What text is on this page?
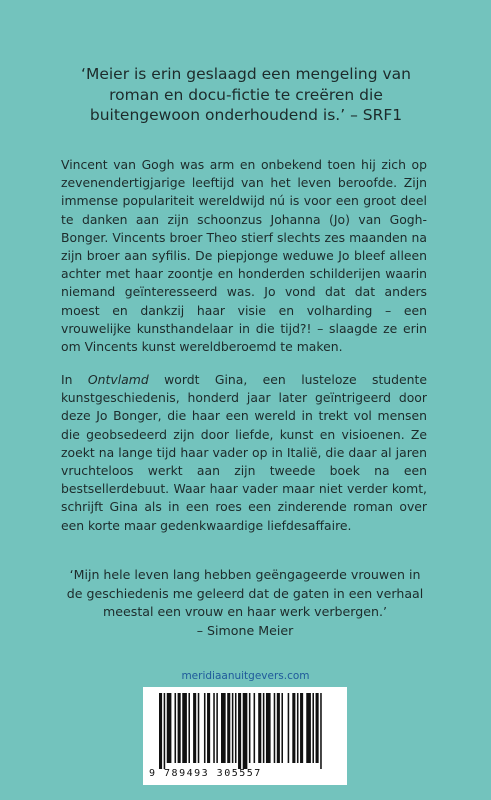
‘Meier is erin geslaagd een mengeling van roman en docu-fictie te creëren die buitengewoon onderhoudend is.’ – SRF1

Vincent van Gogh was arm en onbekend toen hij zich op zevenendertigjarige leeftijd van het leven beroofde. Zijn immense populariteit wereldwijd nú is voor een groot deel te danken aan zijn schoonzus Johanna (Jo) van Gogh-Bonger. Vincents broer Theo stierf slechts zes maanden na zijn broer aan syfilis. De piepjonge weduwe Jo bleef alleen achter met haar zoontje en honderden schilderijen waarin niemand geïnteresseerd was. Jo vond dat dat anders moest en dankzij haar visie en volharding – een vrouwelijke kunsthandelaar in die tijd?! – slaagde ze erin om Vincents kunst wereldberoemd te maken.

In Ontvlamd wordt Gina, een lusteloze studente kunstgeschiedenis, honderd jaar later geïntrigeerd door deze Jo Bonger, die haar een wereld in trekt vol mensen die geobsedeerd zijn door liefde, kunst en visioenen. Ze zoekt na lange tijd haar vader op in Italië, die daar al jaren vruchteloos werkt aan zijn tweede boek na een bestsellerdebuut. Waar haar vader maar niet verder komt, schrijft Gina als in een roes een zinderende roman over een korte maar gedenkwaardige liefdesaffaire.

‘Mijn hele leven lang hebben geëngageerde vrouwen in de geschiedenis me geleerd dat de gaten in een verhaal meestal een vrouw en haar werk verbergen.’
– Simone Meier

meridiaanuitgevers.com

9 789493 305557
